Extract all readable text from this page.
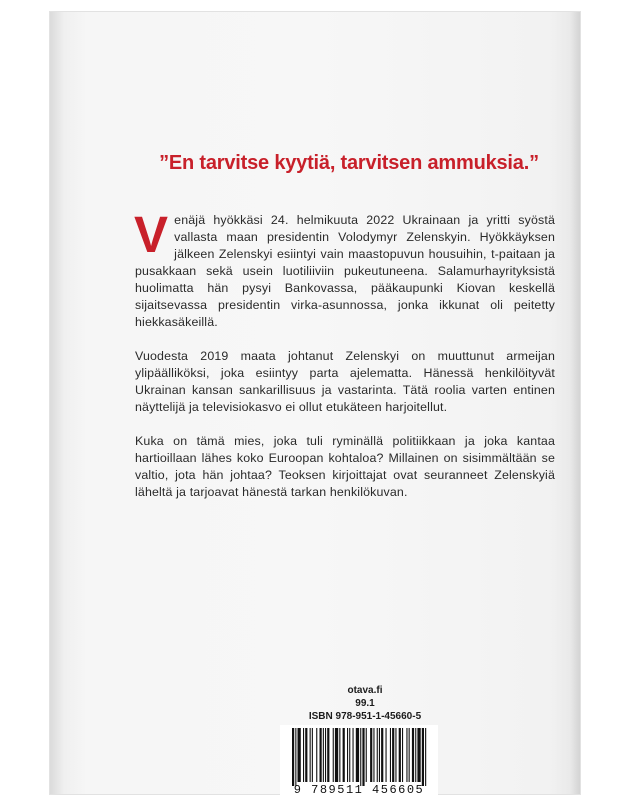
”En tarvitse kyytiä, tarvitsen ammuksia.”

Venäjä hyökkäsi 24. helmikuuta 2022 Ukrainaan ja yritti syöstä vallasta maan presidentin Volodymyr Zelenskyin. Hyökkäyksen jälkeen Zelenskyi esiintyi vain maastopuvun housuihin, t-paitaan ja pusakkaan sekä usein luotiliiviin pukeutuneena. Salamurhayrityksistä huolimatta hän pysyi Bankovassa, pääkaupunki Kiovan keskellä sijaitsevassa presidentin virka-asunnossa, jonka ikkunat oli peitetty hiekkasäkeillä.

Vuodesta 2019 maata johtanut Zelenskyi on muuttunut armeijan ylipäälliköksi, joka esiintyy parta ajelematta. Hänessä henkilöityvät Ukrainan kansan sankarillisuus ja vastarinta. Tätä roolia varten entinen näyttelijä ja televisiokasvo ei ollut etukäteen harjoitellut.

Kuka on tämä mies, joka tuli ryminällä politiikkaan ja joka kantaa hartioillaan lähes koko Euroopan kohtaloa? Millainen on sisimmältään se valtio, jota hän johtaa? Teoksen kirjoittajat ovat seuranneet Zelenskyiä läheltä ja tarjoavat hänestä tarkan henkilökuvan.

otava.fi
99.1
ISBN 978-951-1-45660-5
9 789511 456605
